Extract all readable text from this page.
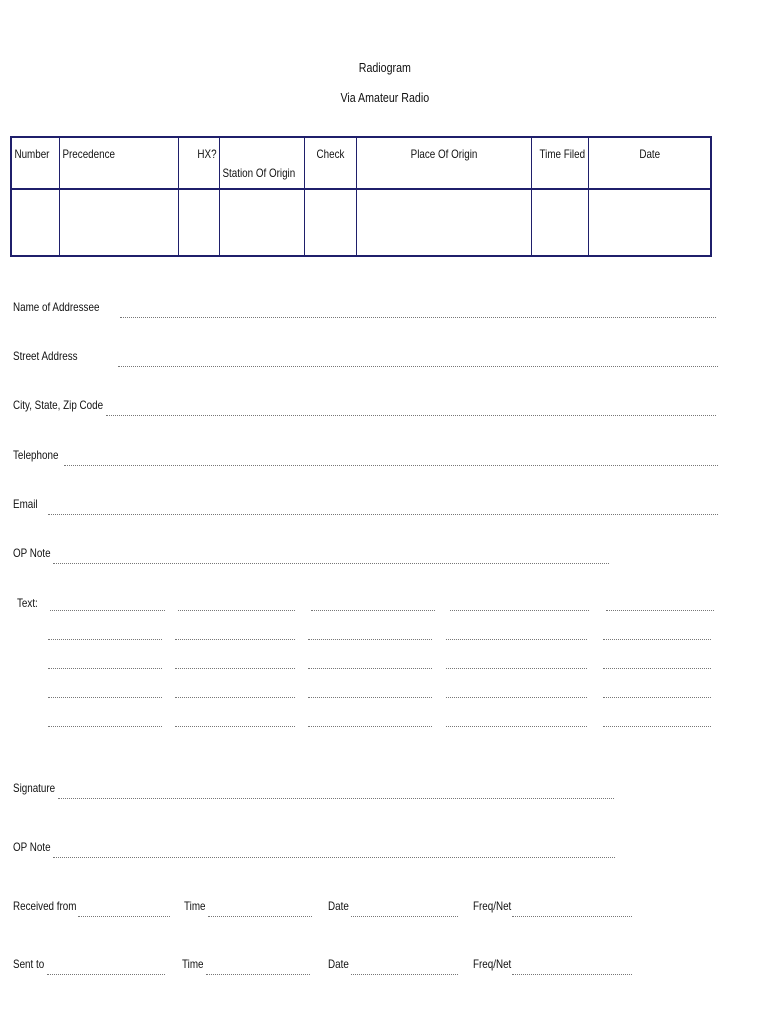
Radiogram
Via Amateur Radio
Number	Precedence	HX?	Station Of Origin	Check	Place Of Origin	Time Filed	Date

Name of Addressee
Street Address
City, State, Zip Code
Telephone
Email
OP Note
Text:
Signature
OP Note
Received from	Time	Date	Freq/Net
Sent to	Time	Date	Freq/Net
